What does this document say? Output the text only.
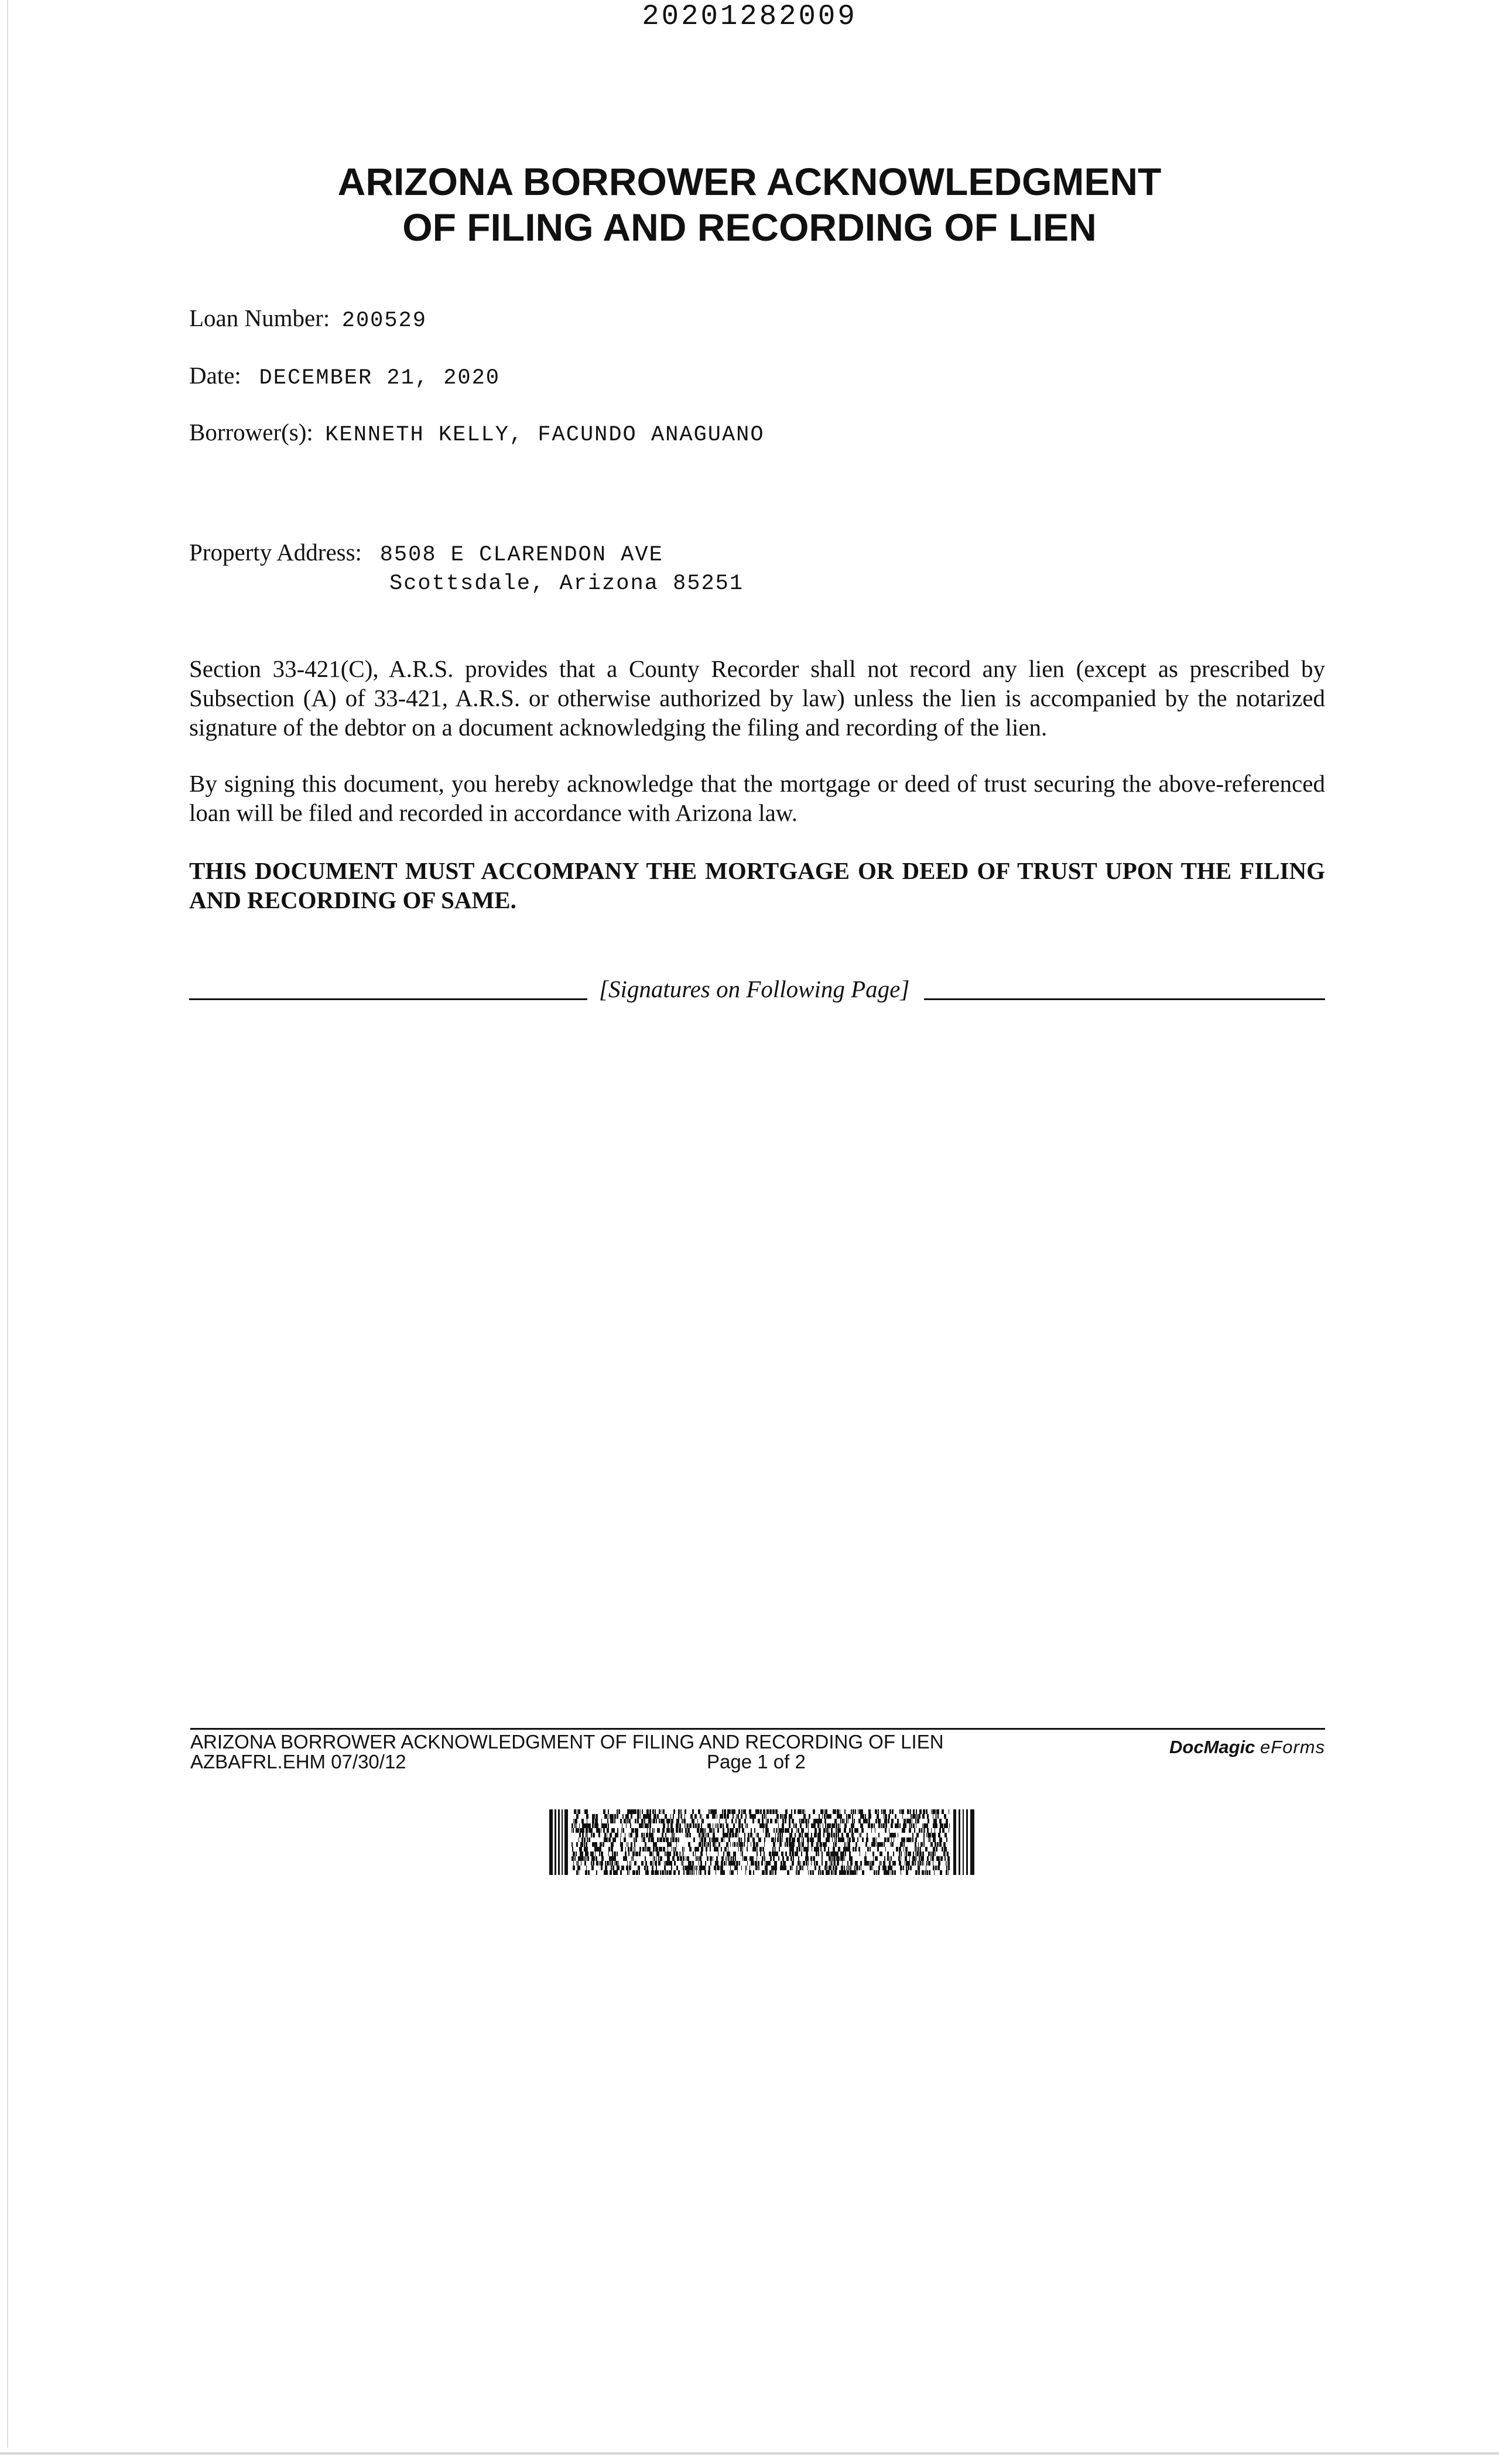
20201282009
ARIZONA BORROWER ACKNOWLEDGMENT
OF FILING AND RECORDING OF LIEN
Loan Number: 200529
Date: DECEMBER 21, 2020
Borrower(s): KENNETH KELLY, FACUNDO ANAGUANO
Property Address: 8508 E CLARENDON AVE
Scottsdale, Arizona 85251
Section 33-421(C), A.R.S. provides that a County Recorder shall not record any lien (except as prescribed by Subsection (A) of 33-421, A.R.S. or otherwise authorized by law) unless the lien is accompanied by the notarized signature of the debtor on a document acknowledging the filing and recording of the lien.
By signing this document, you hereby acknowledge that the mortgage or deed of trust securing the above-referenced loan will be filed and recorded in accordance with Arizona law.
THIS DOCUMENT MUST ACCOMPANY THE MORTGAGE OR DEED OF TRUST UPON THE FILING AND RECORDING OF SAME.
[Signatures on Following Page]
ARIZONA BORROWER ACKNOWLEDGMENT OF FILING AND RECORDING OF LIEN
AZBAFRL.EHM 07/30/12	Page 1 of 2
DocMagic eForms
